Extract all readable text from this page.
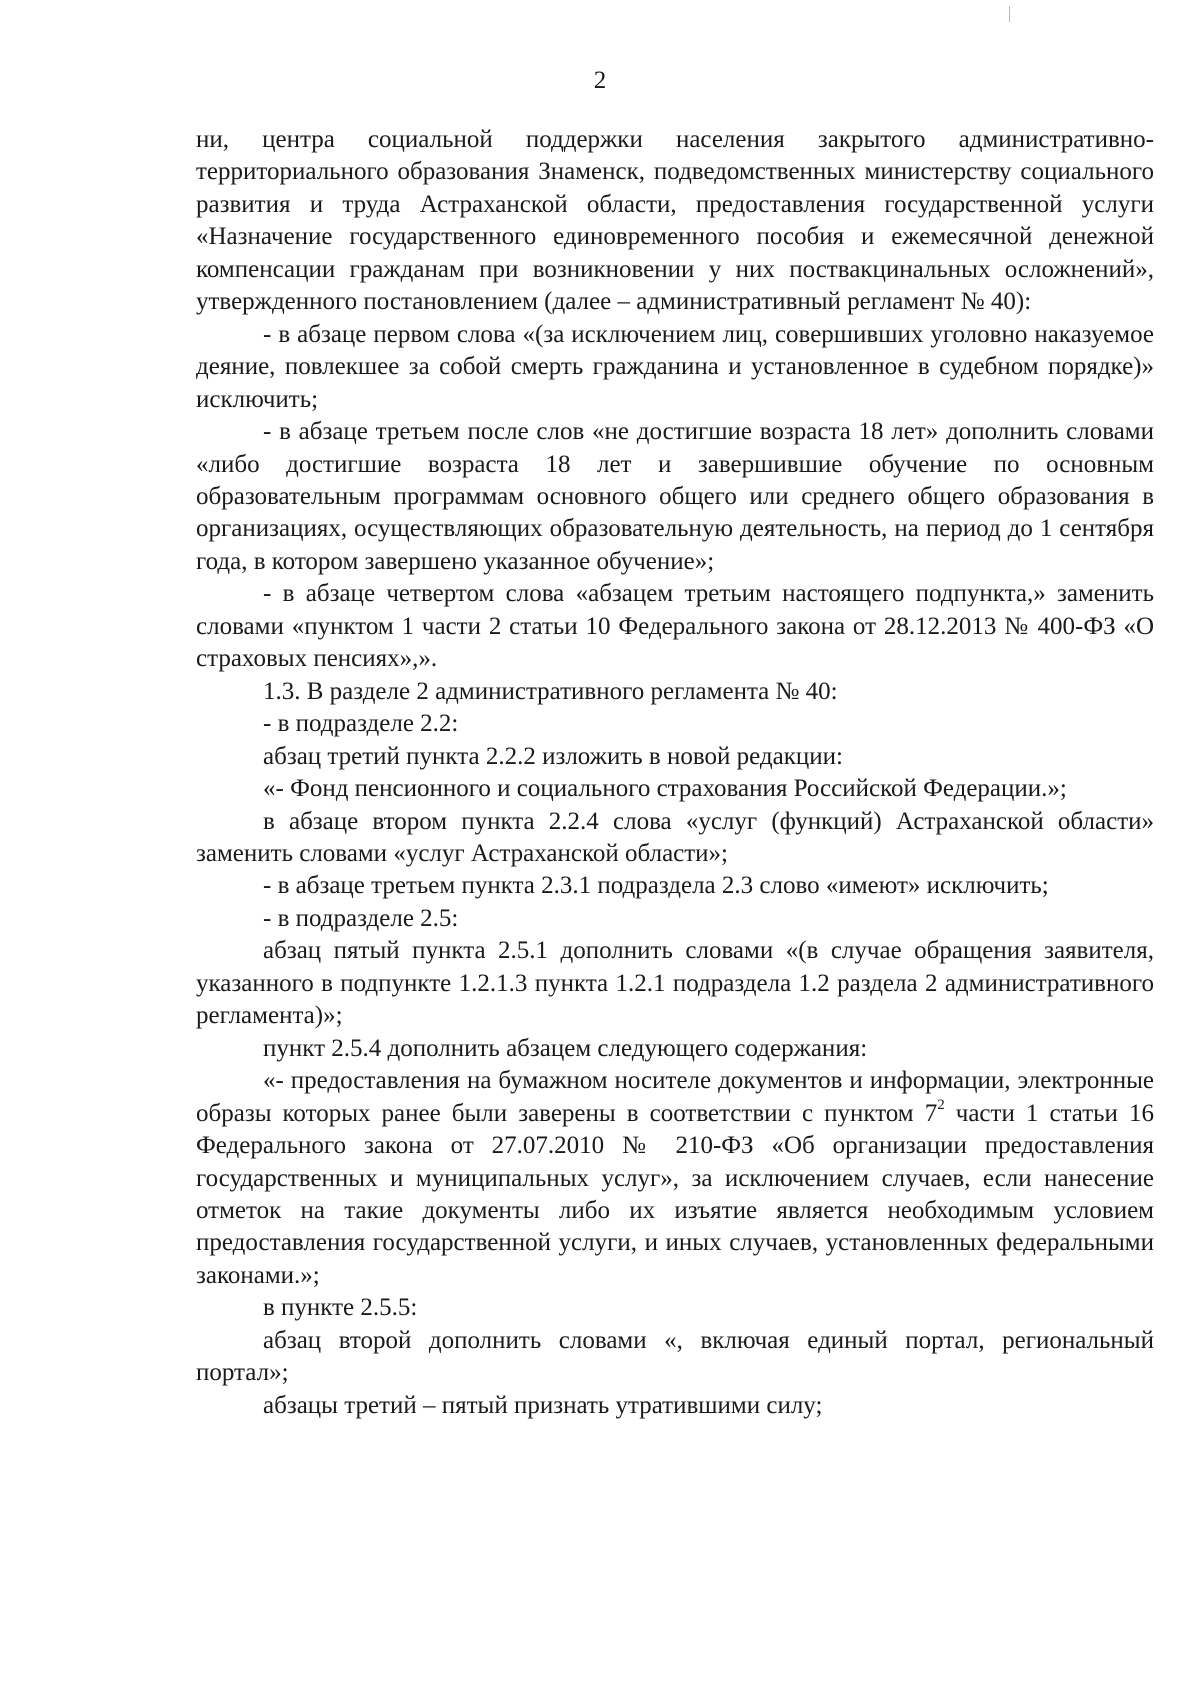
2

ни, центра социальной поддержки населения закрытого административно-территориального образования Знаменск, подведомственных министерству социального развития и труда Астраханской области, предоставления государственной услуги «Назначение государственного единовременного пособия и ежемесячной денежной компенсации гражданам при возникновении у них поствакцинальных осложнений», утвержденного постановлением (далее – административный регламент № 40):

- в абзаце первом слова «(за исключением лиц, совершивших уголовно наказуемое деяние, повлекшее за собой смерть гражданина и установленное в судебном порядке)» исключить;

- в абзаце третьем после слов «не достигшие возраста 18 лет» дополнить словами «либо достигшие возраста 18 лет и завершившие обучение по основным образовательным программам основного общего или среднего общего образования в организациях, осуществляющих образовательную деятельность, на период до 1 сентября года, в котором завершено указанное обучение»;

- в абзаце четвертом слова «абзацем третьим настоящего подпункта,» заменить словами «пунктом 1 части 2 статьи 10 Федерального закона от 28.12.2013 № 400-ФЗ «О страховых пенсиях»,».

1.3. В разделе 2 административного регламента № 40:

- в подразделе 2.2:

абзац третий пункта 2.2.2 изложить в новой редакции:

«- Фонд пенсионного и социального страхования Российской Федерации.»;

в абзаце втором пункта 2.2.4 слова «услуг (функций) Астраханской области» заменить словами «услуг Астраханской области»;

- в абзаце третьем пункта 2.3.1 подраздела 2.3 слово «имеют» исключить;

- в подразделе 2.5:

абзац пятый пункта 2.5.1 дополнить словами «(в случае обращения заявителя, указанного в подпункте 1.2.1.3 пункта 1.2.1 подраздела 1.2 раздела 2 административного регламента)»;

пункт 2.5.4 дополнить абзацем следующего содержания:

«- предоставления на бумажном носителе документов и информации, электронные образы которых ранее были заверены в соответствии с пунктом $7^2$ части 1 статьи 16 Федерального закона от 27.07.2010 № 210-ФЗ «Об организации предоставления государственных и муниципальных услуг», за исключением случаев, если нанесение отметок на такие документы либо их изъятие является необходимым условием предоставления государственной услуги, и иных случаев, установленных федеральными законами.»;

в пункте 2.5.5:

абзац второй дополнить словами «, включая единый портал, региональный портал»;

абзацы третий – пятый признать утратившими силу;
